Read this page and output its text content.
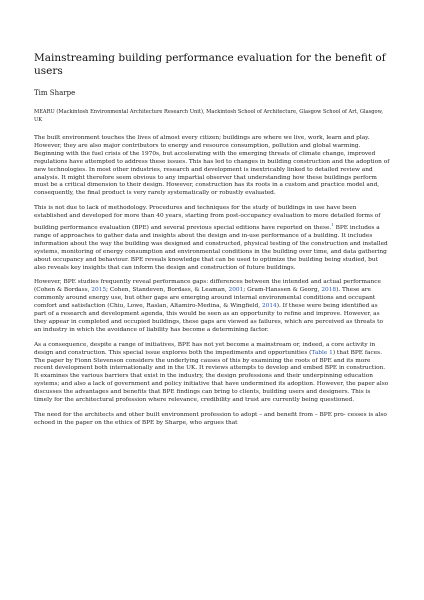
Mainstreaming building performance evaluation for the benefit of users

Tim Sharpe

MEARU (Mackintosh Environmental Architecture Research Unit), Mackintosh School of Architecture, Glasgow School of Art, Glasgow, UK

The built environment touches the lives of almost every citizen; buildings are where we live, work, learn and play. However, they are also major contributors to energy and resource consumption, pollution and global warming. Beginning with the fuel crisis of the 1970s, but accelerating with the emerging threats of climate change, improved regulations have attempted to address these issues. This has led to changes in building construction and the adoption of new technologies. In most other industries, research and development is inextricably linked to detailed review and analysis. It might therefore seem obvious to any impartial observer that understanding how these buildings perform must be a critical dimension to their design. However, construction has its roots in a custom and practice model and, consequently, the final product is very rarely systematically or robustly evaluated.

This is not due to lack of methodology. Procedures and techniques for the study of buildings in use have been established and developed for more than 40 years, starting from post-occupancy evaluation to more detailed forms of building performance evaluation (BPE) and several previous special editions have reported on these.$^1$ BPE includes a range of approaches to gather data and insights about the design and in-use performance of a building. It includes information about the way the building was designed and constructed, physical testing of the construction and installed systems, monitoring of energy consumption and environmental conditions in the building over time, and data gathering about occupancy and behaviour. BPE reveals knowledge that can be used to optimize the building being studied, but also reveals key insights that can inform the design and construction of future buildings.

However, BPE studies frequently reveal performance gaps: differences between the intended and actual performance (Cohen & Bordass, 2015; Cohen, Standeven, Bordass, & Leaman, 2001; Gram-Hanssen & Georg, 2018). These are commonly around energy use, but other gaps are emerging around internal environmental conditions and occupant comfort and satisfaction (Chiu, Lowe, Raslan, Altamiro-Medina, & Wingfield, 2014). If these were being identified as part of a research and development agenda, this would be seen as an opportunity to refine and improve. However, as they appear in completed and occupied buildings, these gaps are viewed as failures, which are perceived as threats to an industry in which the avoidance of liability has become a determining factor.

As a consequence, despite a range of initiatives, BPE has not yet become a mainstream or, indeed, a core activity in design and construction. This special issue explores both the impediments and opportunities (Table 1) that BPE faces. The paper by Fionn Stevenson considers the underlying causes of this by examining the roots of BPE and its more recent development both internationally and in the UK. It reviews attempts to develop and embed BPE in construction. It examines the various barriers that exist in the industry, the design professions and their underpinning education systems; and also a lack of government and policy initiative that have undermined its adoption. However, the paper also discusses the advantages and benefits that BPE findings can bring to clients, building users and designers. This is timely for the architectural profession where relevance, credibility and trust are currently being questioned.

The need for the architects and other built environment profession to adopt – and benefit from – BPE pro- cesses is also echoed in the paper on the ethics of BPE by Sharpe, who argues that
